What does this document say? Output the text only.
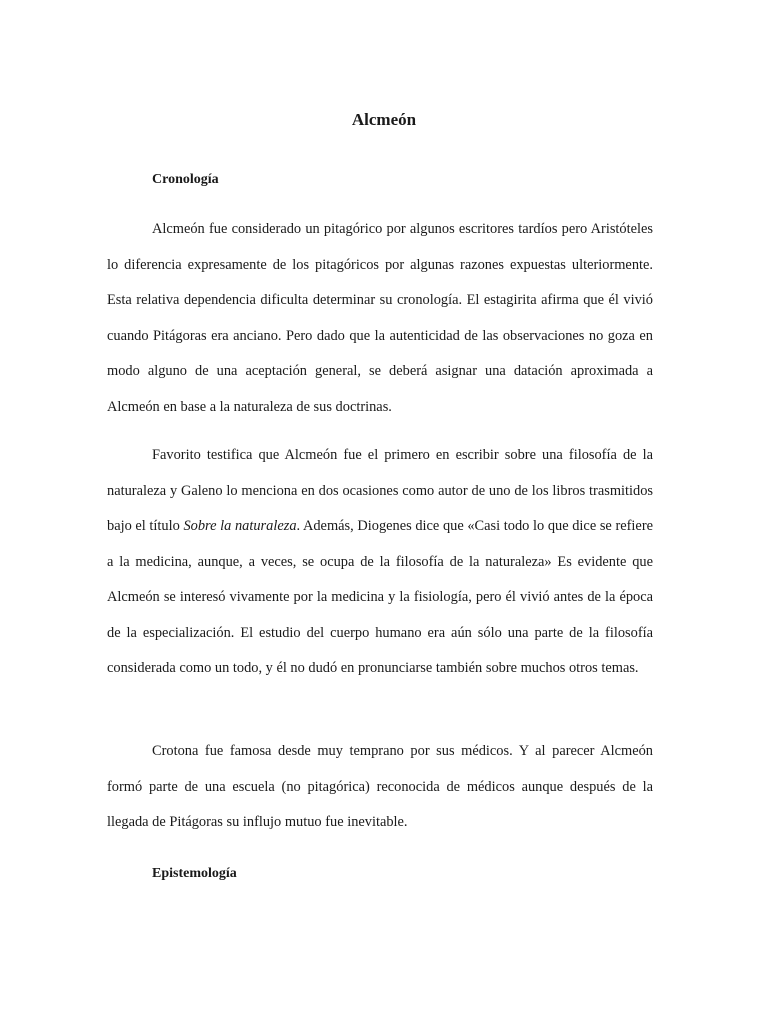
Alcmeón
Cronología

Alcmeón fue considerado un pitagórico por algunos escritores tardíos pero Aristóteles lo diferencia expresamente de los pitagóricos por algunas razones expuestas ulteriormente. Esta relativa dependencia dificulta determinar su cronología. El estagirita afirma que él vivió cuando Pitágoras era anciano. Pero dado que la autenticidad de las observaciones no goza en modo alguno de una aceptación general, se deberá asignar una datación aproximada a Alcmeón en base a la naturaleza de sus doctrinas.

Favorito testifica que Alcmeón fue el primero en escribir sobre una filosofía de la naturaleza y Galeno lo menciona en dos ocasiones como autor de uno de los libros trasmitidos bajo el título Sobre la naturaleza. Además, Diogenes dice que «Casi todo lo que dice se refiere a la medicina, aunque, a veces, se ocupa de la filosofía de la naturaleza» Es evidente que Alcmeón se interesó vivamente por la medicina y la fisiología, pero él vivió antes de la época de la especialización. El estudio del cuerpo humano era aún sólo una parte de la filosofía considerada como un todo, y él no dudó en pronunciarse también sobre muchos otros temas.

Crotona fue famosa desde muy temprano por sus médicos. Y al parecer Alcmeón formó parte de una escuela (no pitagórica) reconocida de médicos aunque después de la llegada de Pitágoras su influjo mutuo fue inevitable.

Epistemología
